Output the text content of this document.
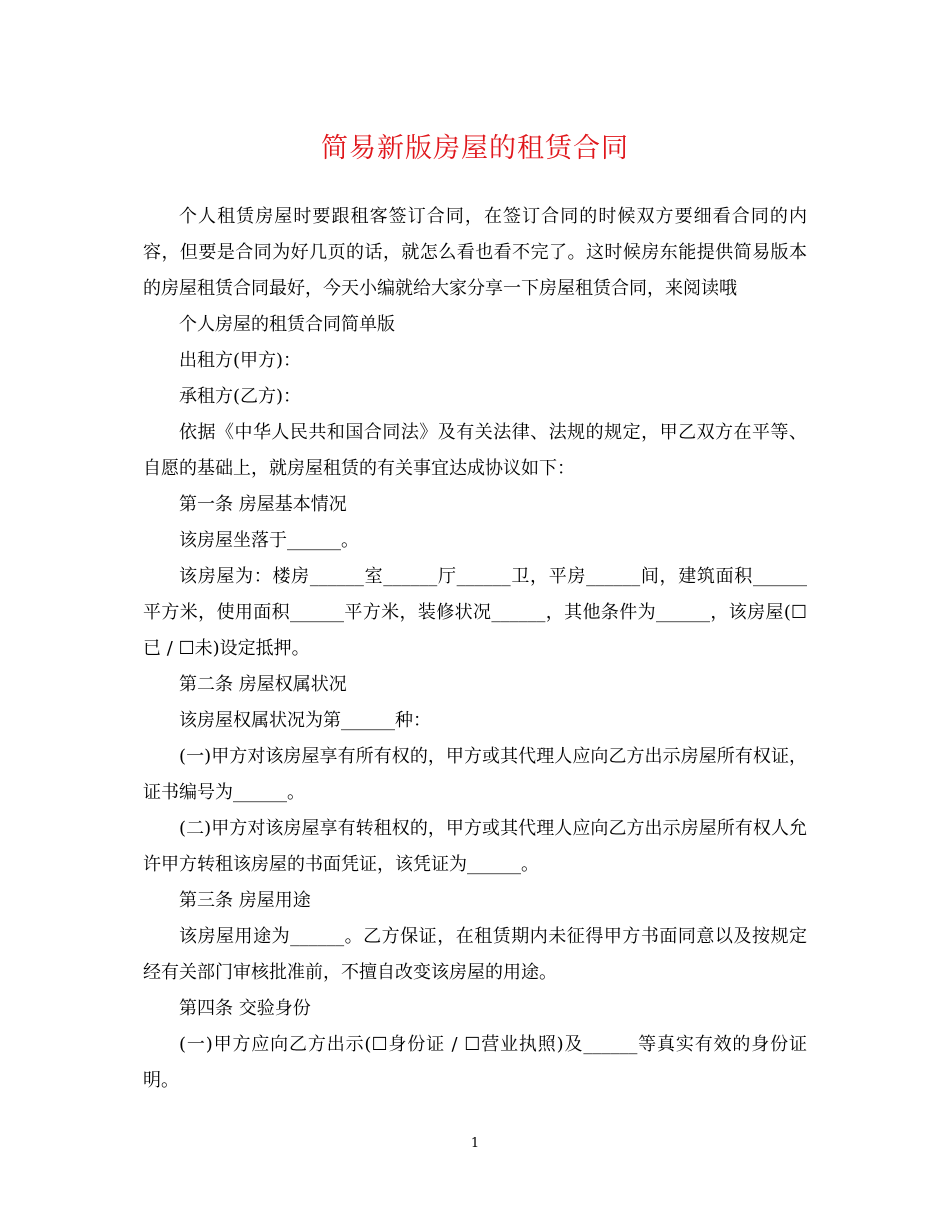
简易新版房屋的租赁合同

个人租赁房屋时要跟租客签订合同，在签订合同的时候双方要细看合同的内容，但要是合同为好几页的话，就怎么看也看不完了。这时候房东能提供简易版本的房屋租赁合同最好，今天小编就给大家分享一下房屋租赁合同，来阅读哦

个人房屋的租赁合同简单版

出租方(甲方)：

承租方(乙方)：

依据《中华人民共和国合同法》及有关法律、法规的规定，甲乙双方在平等、自愿的基础上，就房屋租赁的有关事宜达成协议如下：

第一条 房屋基本情况

该房屋坐落于______。

该房屋为：楼房______室______厅______卫，平房______间，建筑面积______平方米，使用面积______平方米，装修状况______，其他条件为______，该房屋(☐已 / ☐未)设定抵押。

第二条 房屋权属状况

该房屋权属状况为第______种：

(一)甲方对该房屋享有所有权的，甲方或其代理人应向乙方出示房屋所有权证，证书编号为______。

(二)甲方对该房屋享有转租权的，甲方或其代理人应向乙方出示房屋所有权人允许甲方转租该房屋的书面凭证，该凭证为______。

第三条 房屋用途

该房屋用途为______。乙方保证，在租赁期内未征得甲方书面同意以及按规定经有关部门审核批准前，不擅自改变该房屋的用途。

第四条 交验身份

(一)甲方应向乙方出示(☐身份证 / ☐营业执照)及______等真实有效的身份证明。

1
